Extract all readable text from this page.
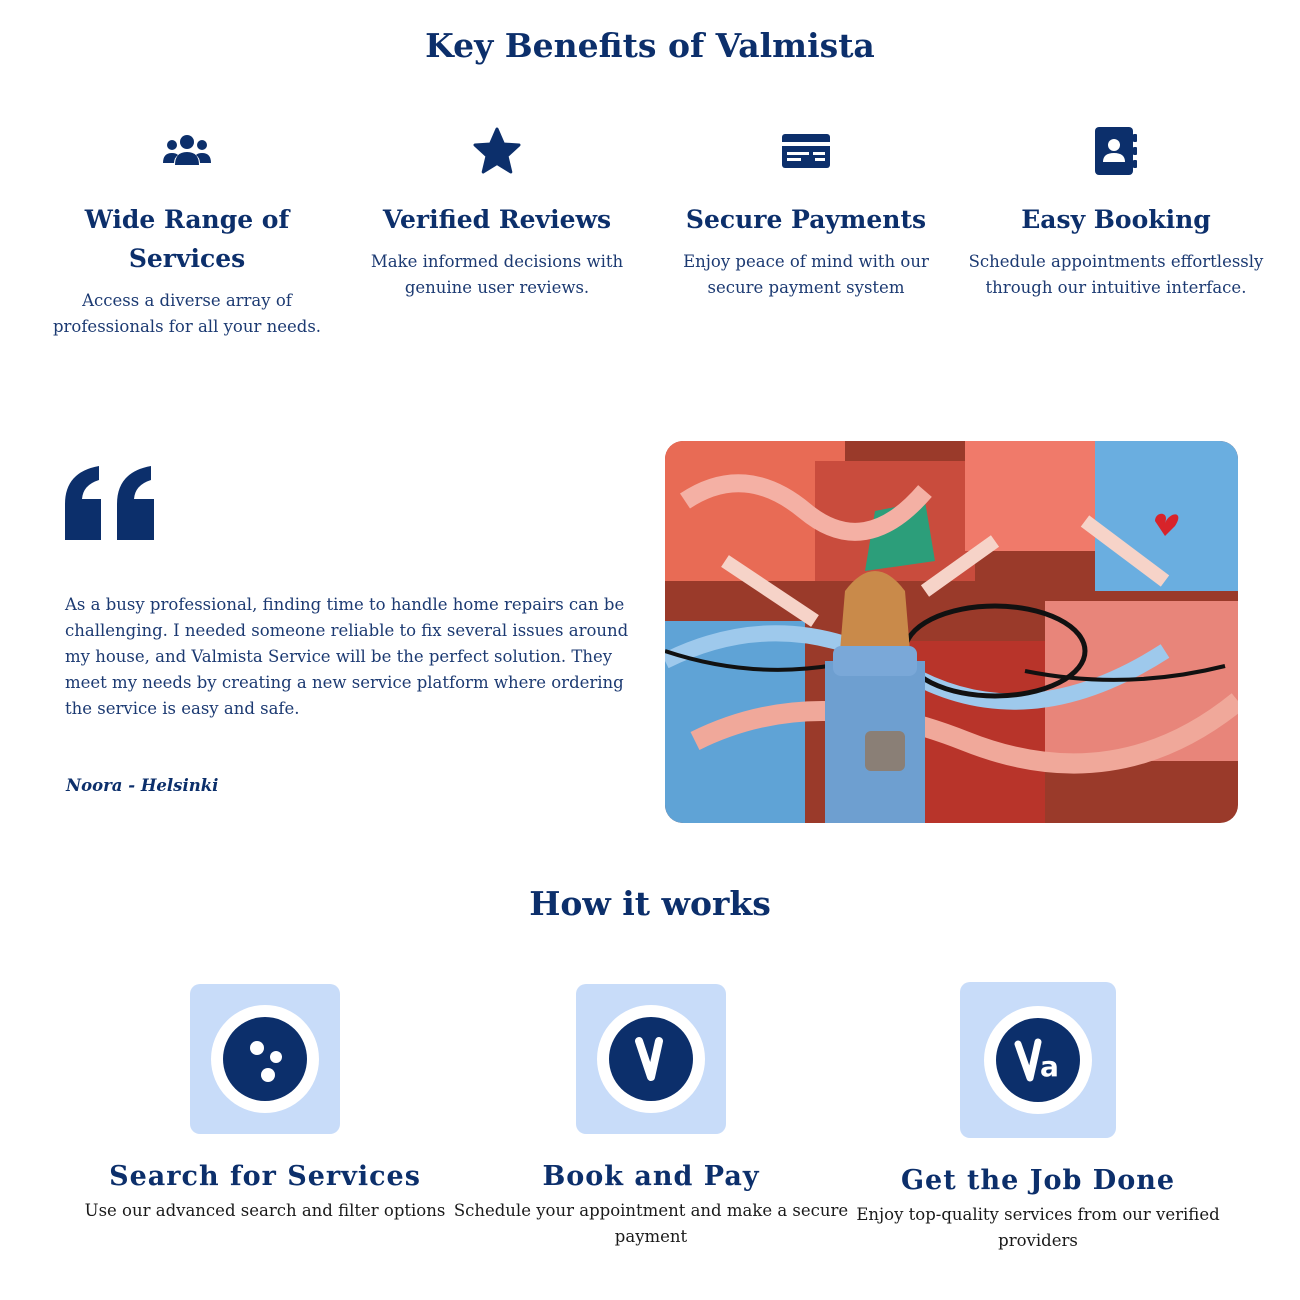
Key Benefits of Valmista
Wide Range of Services

Access a diverse array of professionals for all your needs.

Verified Reviews

Make informed decisions with genuine user reviews.

Secure Payments

Enjoy peace of mind with our secure payment system

Easy Booking

Schedule appointments effortlessly through our intuitive interface.

As a busy professional, finding time to handle home repairs can be challenging. I needed someone reliable to fix several issues around my house, and Valmista Service will be the perfect solution. They meet my needs by creating a new service platform where ordering the service is easy and safe.

Noora - Helsinki

How it works
Search for Services

Use our advanced search and filter options

Book and Pay

Schedule your appointment and make a secure payment

a
Get the Job Done

Enjoy top-quality services from our verified providers
